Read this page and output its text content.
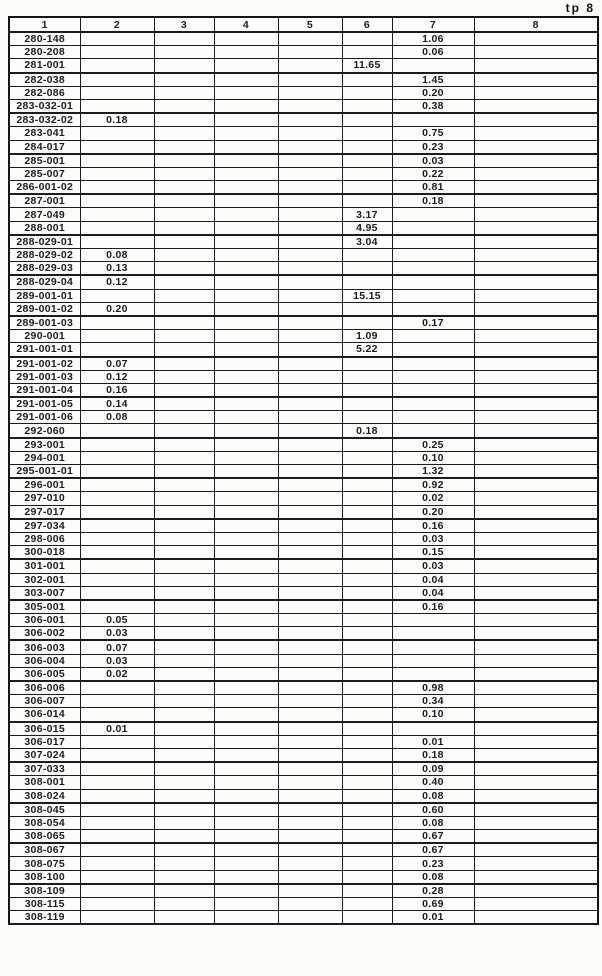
tp 8
1	2	3	4	5	6	7	8
280-148						1.06	
280-208						0.06	
281-001					11.65		
282-038						1.45	
282-086						0.20	
283-032-01						0.38	
283-032-02	0.18						
283-041						0.75	
284-017						0.23	
285-001						0.03	
285-007						0.22	
286-001-02						0.81	
287-001						0.18	
287-049					3.17		
288-001					4.95		
288-029-01					3.04		
288-029-02	0.08						
288-029-03	0.13						
288-029-04	0.12						
289-001-01					15.15		
289-001-02	0.20						
289-001-03						0.17	
290-001					1.09		
291-001-01					5.22		
291-001-02	0.07						
291-001-03	0.12						
291-001-04	0.16						
291-001-05	0.14						
291-001-06	0.08						
292-060					0.18		
293-001						0.25	
294-001						0.10	
295-001-01						1.32	
296-001						0.92	
297-010						0.02	
297-017						0.20	
297-034						0.16	
298-006						0.03	
300-018						0.15	
301-001						0.03	
302-001						0.04	
303-007						0.04	
305-001						0.16	
306-001	0.05						
306-002	0.03						
306-003	0.07						
306-004	0.03						
306-005	0.02						
306-006						0.98	
306-007						0.34	
306-014						0.10	
306-015	0.01						
306-017						0.01	
307-024						0.18	
307-033						0.09	
308-001						0.40	
308-024						0.08	
308-045						0.60	
308-054						0.08	
308-065						0.67	
308-067						0.67	
308-075						0.23	
308-100						0.08	
308-109						0.28	
308-115						0.69	
308-119						0.01	
